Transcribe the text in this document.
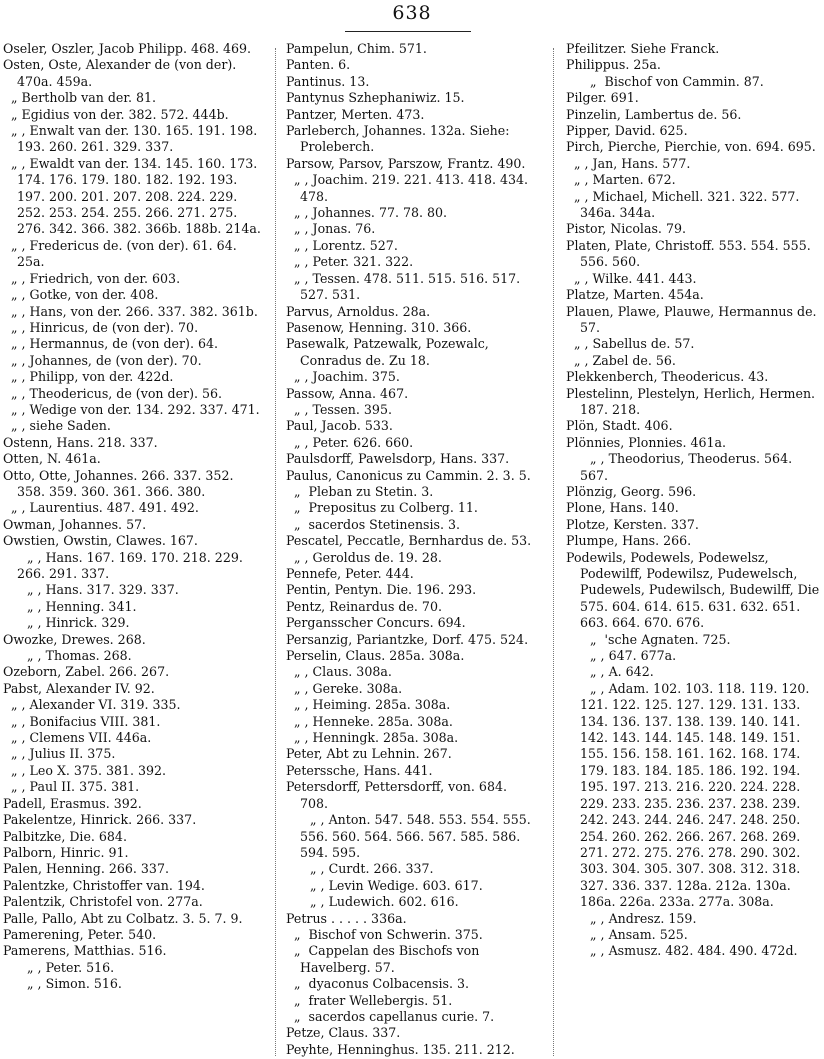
638

Oseler, Oszler, Jacob Philipp. 468. 469.

Osten, Oste, Alexander de (von der). 470a. 459a.

„ Bertholb van der. 81.

„ Egidius von der. 382. 572. 444b.

„ , Enwalt van der. 130. 165. 191. 198. 193. 260. 261. 329. 337.

„ , Ewaldt van der. 134. 145. 160. 173. 174. 176. 179. 180. 182. 192. 193. 197. 200. 201. 207. 208. 224. 229. 252. 253. 254. 255. 266. 271. 275. 276. 342. 366. 382. 366b. 188b. 214a.

„ , Fredericus de. (von der). 61. 64. 25a.

„ , Friedrich, von der. 603.

„ , Gotke, von der. 408.

„ , Hans, von der. 266. 337. 382. 361b.

„ , Hinricus, de (von der). 70.

„ , Hermannus, de (von der). 64.

„ , Johannes, de (von der). 70.

„ , Philipp, von der. 422d.

„ , Theodericus, de (von der). 56.

„ , Wedige von der. 134. 292. 337. 471.

„ , siehe Saden.

Ostenn, Hans. 218. 337.

Otten, N. 461a.

Otto, Otte, Johannes. 266. 337. 352. 358. 359. 360. 361. 366. 380.

„ , Laurentius. 487. 491. 492.

Owman, Johannes. 57.

Owstien, Owstin, Clawes. 167.

„ , Hans. 167. 169. 170. 218. 229. 266. 291. 337.

„ , Hans. 317. 329. 337.

„ , Henning. 341.

„ , Hinrick. 329.

Owozke, Drewes. 268.

„ , Thomas. 268.

Ozeborn, Zabel. 266. 267.

Pabst, Alexander IV. 92.

„ , Alexander VI. 319. 335.

„ , Bonifacius VIII. 381.

„ , Clemens VII. 446a.

„ , Julius II. 375.

„ , Leo X. 375. 381. 392.

„ , Paul II. 375. 381.

Padell, Erasmus. 392.

Pakelentze, Hinrick. 266. 337.

Palbitzke, Die. 684.

Palborn, Hinric. 91.

Palen, Henning. 266. 337.

Palentzke, Christoffer van. 194.

Palentzik, Christofel von. 277a.

Palle, Pallo, Abt zu Colbatz. 3. 5. 7. 9.

Pamerening, Peter. 540.

Pamerens, Matthias. 516.

„ , Peter. 516.

„ , Simon. 516.

Pampelun, Chim. 571.

Panten. 6.

Pantinus. 13.

Pantynus Szhephaniwiz. 15.

Pantzer, Merten. 473.

Parleberch, Johannes. 132a. Siehe: Proleberch.

Parsow, Parsov, Parszow, Frantz. 490.

„ , Joachim. 219. 221. 413. 418. 434. 478.

„ , Johannes. 77. 78. 80.

„ , Jonas. 76.

„ , Lorentz. 527.

„ , Peter. 321. 322.

„ , Tessen. 478. 511. 515. 516. 517. 527. 531.

Parvus, Arnoldus. 28a.

Pasenow, Henning. 310. 366.

Pasewalk, Patzewalk, Pozewalc, Conradus de. Zu 18.

„ , Joachim. 375.

Passow, Anna. 467.

„ , Tessen. 395.

Paul, Jacob. 533.

„ , Peter. 626. 660.

Paulsdorff, Pawelsdorp, Hans. 337.

Paulus, Canonicus zu Cammin. 2. 3. 5.

„  Pleban zu Stetin. 3.

„  Prepositus zu Colberg. 11.

„  sacerdos Stetinensis. 3.

Pescatel, Peccatle, Bernhardus de. 53.

„ , Geroldus de. 19. 28.

Pennefe, Peter. 444.

Pentin, Pentyn. Die. 196. 293.

Pentz, Reinardus de. 70.

Pergansscher Concurs. 694.

Persanzig, Pariantzke, Dorf. 475. 524.

Perselin, Claus. 285a. 308a.

„ , Claus. 308a.

„ , Gereke. 308a.

„ , Heiming. 285a. 308a.

„ , Henneke. 285a. 308a.

„ , Henningk. 285a. 308a.

Peter, Abt zu Lehnin. 267.

Peterssche, Hans. 441.

Petersdorff, Pettersdorff, von. 684. 708.

„ , Anton. 547. 548. 553. 554. 555. 556. 560. 564. 566. 567. 585. 586. 594. 595.

„ , Curdt. 266. 337.

„ , Levin Wedige. 603. 617.

„ , Ludewich. 602. 616.

Petrus . . . . . 336a.

„  Bischof von Schwerin. 375.

„  Cappelan des Bischofs von Havelberg. 57.

„  dyaconus Colbacensis. 3.

„  frater Wellebergis. 51.

„  sacerdos capellanus curie. 7.

Petze, Claus. 337.

Peyhte, Henninghus. 135. 211. 212.

Pfeilitzer. Siehe Franck.

Philippus. 25a.

„  Bischof von Cammin. 87.

Pilger. 691.

Pinzelin, Lambertus de. 56.

Pipper, David. 625.

Pirch, Pierche, Pierchie, von. 694. 695.

„ , Jan, Hans. 577.

„ , Marten. 672.

„ , Michael, Michell. 321. 322. 577. 346a. 344a.

Pistor, Nicolas. 79.

Platen, Plate, Christoff. 553. 554. 555. 556. 560.

„ , Wilke. 441. 443.

Platze, Marten. 454a.

Plauen, Plawe, Plauwe, Hermannus de. 57.

„ , Sabellus de. 57.

„ , Zabel de. 56.

Plekkenberch, Theodericus. 43.

Plestelinn, Plestelyn, Herlich, Hermen. 187. 218.

Plön, Stadt. 406.

Plönnies, Plonnies. 461a.

„ , Theodorius, Theoderus. 564. 567.

Plönzig, Georg. 596.

Plone, Hans. 140.

Plotze, Kersten. 337.

Plumpe, Hans. 266.

Podewils, Podewels, Podewelsz, Podewilff, Podewilsz, Pudewelsch, Pudewels, Pudewilsch, Budewilff, Die 575. 604. 614. 615. 631. 632. 651. 663. 664. 670. 676.

„  'sche Agnaten. 725.

„ , 647. 677a.

„ , A. 642.

„ , Adam. 102. 103. 118. 119. 120. 121. 122. 125. 127. 129. 131. 133. 134. 136. 137. 138. 139. 140. 141. 142. 143. 144. 145. 148. 149. 151. 155. 156. 158. 161. 162. 168. 174. 179. 183. 184. 185. 186. 192. 194. 195. 197. 213. 216. 220. 224. 228. 229. 233. 235. 236. 237. 238. 239. 242. 243. 244. 246. 247. 248. 250. 254. 260. 262. 266. 267. 268. 269. 271. 272. 275. 276. 278. 290. 302. 303. 304. 305. 307. 308. 312. 318. 327. 336. 337. 128a. 212a. 130a. 186a. 226a. 233a. 277a. 308a.

„ , Andresz. 159.

„ , Ansam. 525.

„ , Asmusz. 482. 484. 490. 472d.
